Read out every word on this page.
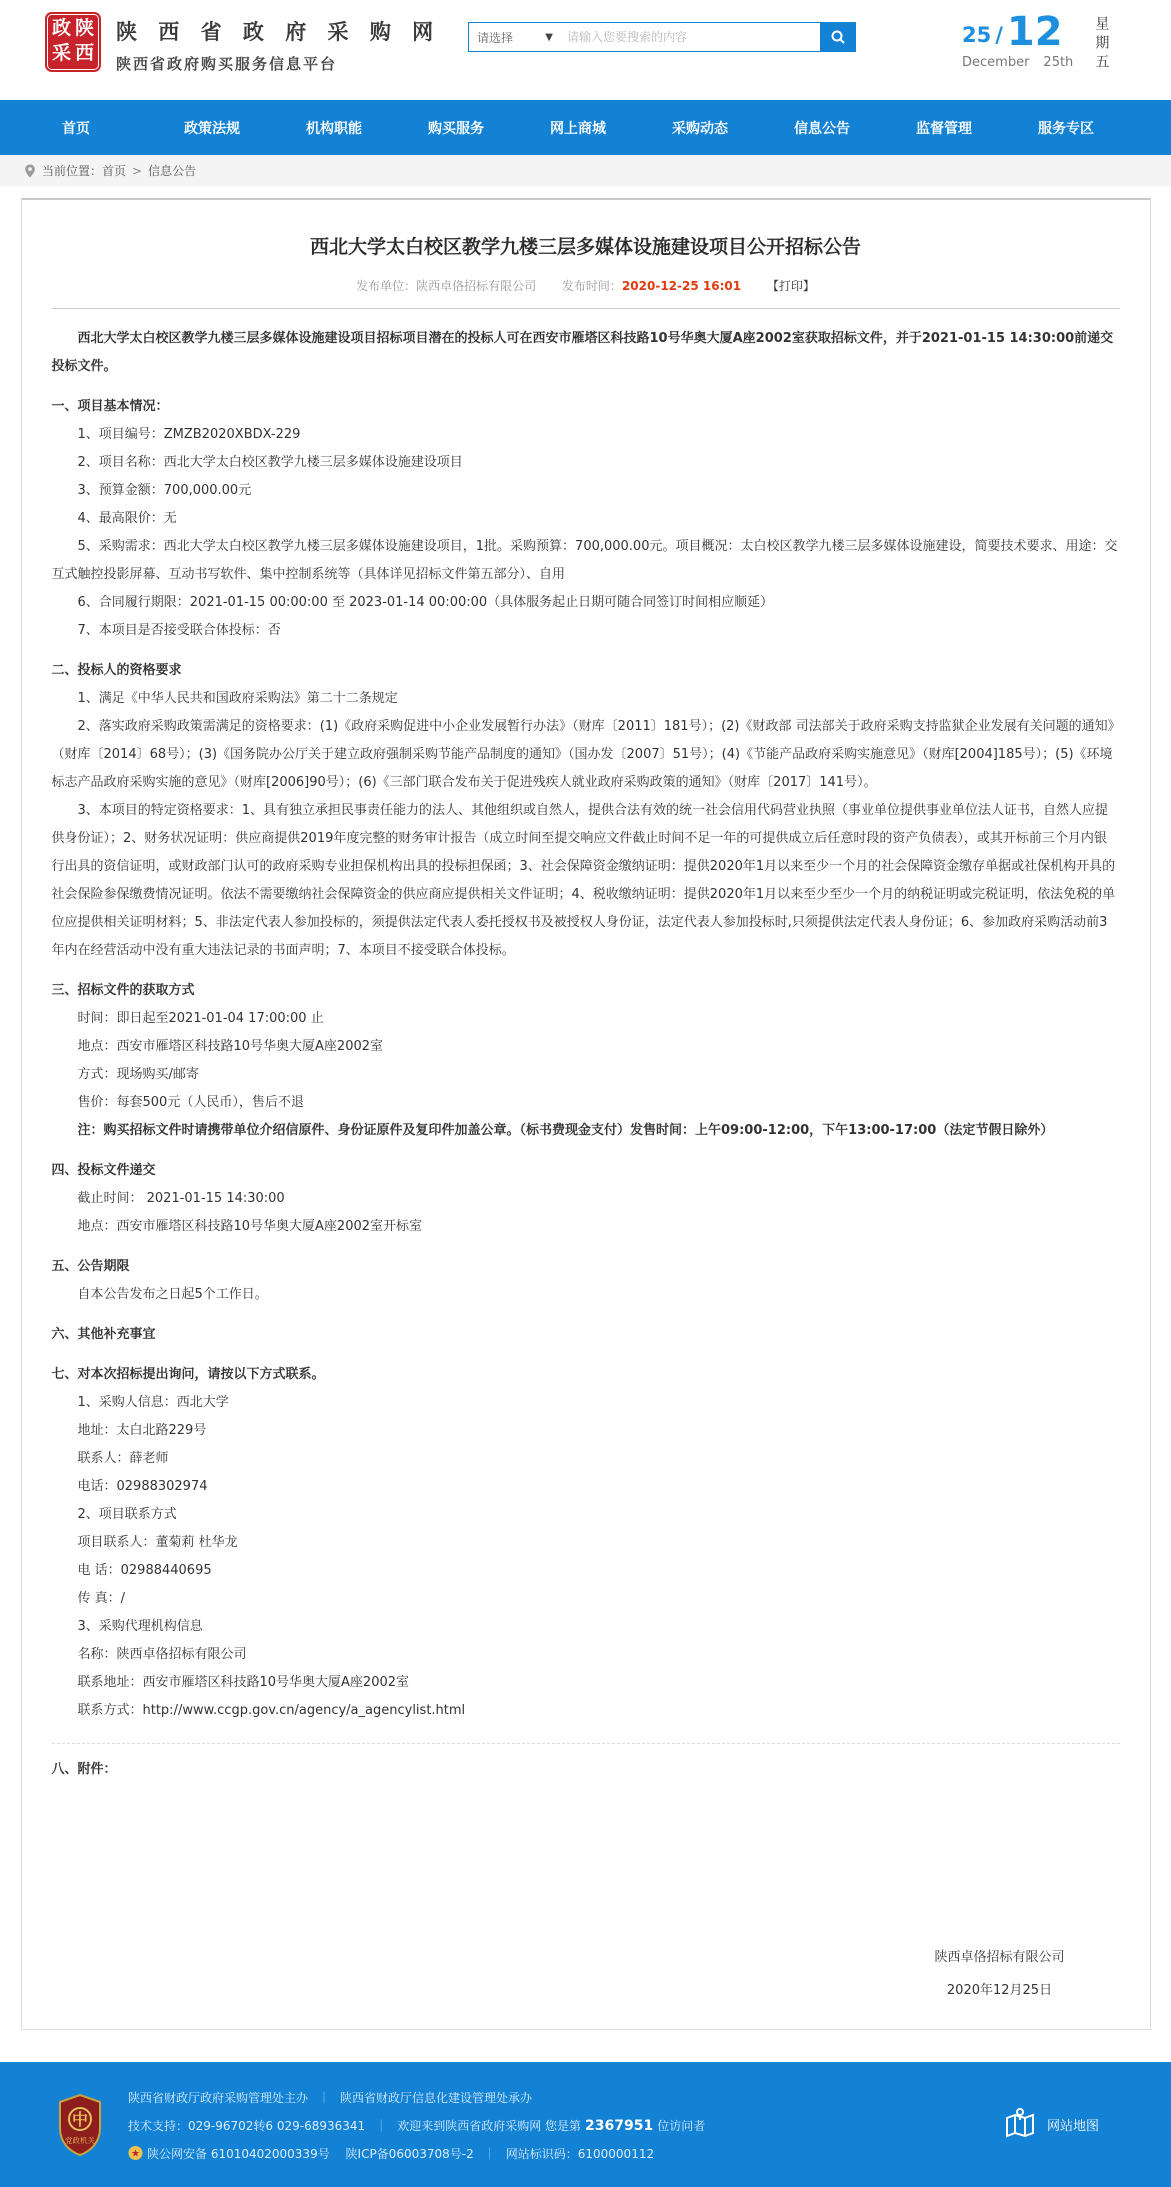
政 陕
采 西
陕 西 省 政 府 采 购 网
陕西省政府购买服务信息平台
请选择	▼
请输入您要搜索的内容	25 / 12
December 25th 星期五
首页	政策法规	机构职能	购买服务	网上商城	采购动态	信息公告	监督管理	服务专区
当前位置： 首页 > 信息公告
西北大学太白校区教学九楼三层多媒体设施建设项目公开招标公告
发布单位：陕西卓佫招标有限公司 发布时间：2020-12-25 16:01 【打印】

西北大学太白校区教学九楼三层多媒体设施建设项目招标项目潜在的投标人可在西安市雁塔区科技路10号华奥大厦A座2002室获取招标文件，并于2021-01-15 14:30:00前递交投标文件。

一、项目基本情况：

1、项目编号：ZMZB2020XBDX-229

2、项目名称：西北大学太白校区教学九楼三层多媒体设施建设项目

3、预算金额：700,000.00元

4、最高限价：无

5、采购需求：西北大学太白校区教学九楼三层多媒体设施建设项目，1批。采购预算：700,000.00元。项目概况：太白校区教学九楼三层多媒体设施建设，简要技术要求、用途：交互式触控投影屏幕、互动书写软件、集中控制系统等（具体详见招标文件第五部分）、自用

6、合同履行期限：2021-01-15 00:00:00 至 2023-01-14 00:00:00（具体服务起止日期可随合同签订时间相应顺延）

7、本项目是否接受联合体投标：否

二、投标人的资格要求

1、满足《中华人民共和国政府采购法》第二十二条规定

2、落实政府采购政策需满足的资格要求：(1)《政府采购促进中小企业发展暂行办法》（财库〔2011〕181号）；(2)《财政部 司法部关于政府采购支持监狱企业发展有关问题的通知》（财库〔2014〕68号）；(3)《国务院办公厅关于建立政府强制采购节能产品制度的通知》（国办发〔2007〕51号）；(4)《节能产品政府采购实施意见》（财库[2004]185号）；(5)《环境标志产品政府采购实施的意见》（财库[2006]90号）；(6)《三部门联合发布关于促进残疾人就业政府采购政策的通知》（财库〔2017〕141号）。

3、本项目的特定资格要求：1、具有独立承担民事责任能力的法人、其他组织或自然人，提供合法有效的统一社会信用代码营业执照（事业单位提供事业单位法人证书，自然人应提供身份证）；2、财务状况证明：供应商提供2019年度完整的财务审计报告（成立时间至提交响应文件截止时间不足一年的可提供成立后任意时段的资产负债表），或其开标前三个月内银行出具的资信证明，或财政部门认可的政府采购专业担保机构出具的投标担保函；3、社会保障资金缴纳证明：提供2020年1月以来至少一个月的社会保障资金缴存单据或社保机构开具的社会保险参保缴费情况证明。依法不需要缴纳社会保障资金的供应商应提供相关文件证明；4、税收缴纳证明：提供2020年1月以来至少至少一个月的纳税证明或完税证明，依法免税的单位应提供相关证明材料；5、非法定代表人参加投标的，须提供法定代表人委托授权书及被授权人身份证，法定代表人参加投标时,只须提供法定代表人身份证；6、参加政府采购活动前3年内在经营活动中没有重大违法记录的书面声明；7、本项目不接受联合体投标。

三、招标文件的获取方式

时间：即日起至2021-01-04 17:00:00 止

地点：西安市雁塔区科技路10号华奥大厦A座2002室

方式：现场购买/邮寄

售价：每套500元（人民币），售后不退

注：购买招标文件时请携带单位介绍信原件、身份证原件及复印件加盖公章。（标书费现金支付）发售时间：上午09:00-12:00，下午13:00-17:00（法定节假日除外）

四、投标文件递交

截止时间： 2021-01-15 14:30:00

地点：西安市雁塔区科技路10号华奥大厦A座2002室开标室

五、公告期限

自本公告发布之日起5个工作日。

六、其他补充事宜
七、对本次招标提出询问，请按以下方式联系。

1、采购人信息：西北大学

地址：太白北路229号

联系人：薛老师

电话：02988302974

2、项目联系方式

项目联系人：董菊莉 杜华龙

电 话：02988440695

传 真：/

3、采购代理机构信息

名称：陕西卓佫招标有限公司

联系地址：西安市雁塔区科技路10号华奥大厦A座2002室

联系方式：http://www.ccgp.gov.cn/agency/a_agencylist.html

八、附件：
陕西卓佫招标有限公司
2020年12月25日
中
党政机关
陕西省财政厅政府采购管理处主办 ｜ 陕西省财政厅信息化建设管理处承办
技术支持：029-96702转6 029-68936341 ｜ 欢迎来到陕西省政府采购网 您是第 2367951 位访问者
★ 陕公网安备 61010402000339号 陕ICP备06003708号-2 ｜ 网站标识码：6100000112
网站地图
